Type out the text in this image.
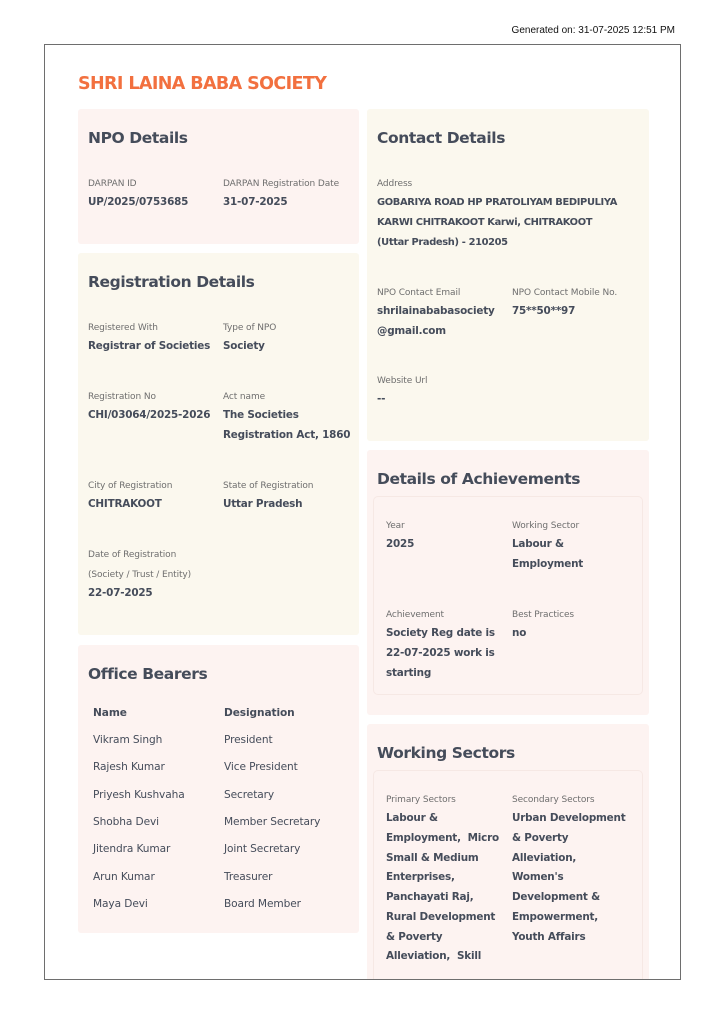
Generated on: 31-07-2025 12:51 PM
SHRI LAINA BABA SOCIETY
NPO Details
DARPAN ID
UP/2025/0753685
DARPAN Registration Date
31-07-2025
Registration Details
Registered With
Registrar of Societies
Type of NPO
Society
Registration No
CHI/03064/2025-2026
Act name
The Societies
Registration Act, 1860
City of Registration
CHITRAKOOT
State of Registration
Uttar Pradesh
Date of Registration
(Society / Trust / Entity)
22-07-2025
Office Bearers
Name	Designation
Vikram Singh	President
Rajesh Kumar	Vice President
Priyesh Kushvaha	Secretary
Shobha Devi	Member Secretary
Jitendra Kumar	Joint Secretary
Arun Kumar	Treasurer
Maya Devi	Board Member
Contact Details
Address
GOBARIYA ROAD HP PRATOLIYAM BEDIPULIYA
KARWI CHITRAKOOT Karwi, CHITRAKOOT
(Uttar Pradesh) - 210205
NPO Contact Email
shrilainababasociety
@gmail.com
NPO Contact Mobile No.
75**50**97
Website Url
--
Details of Achievements
Year
2025
Working Sector
Labour &
Employment
Achievement
Society Reg date is
22-07-2025 work is
starting
Best Practices
no
Working Sectors
Primary Sectors
Labour &
Employment,  Micro
Small & Medium
Enterprises,
Panchayati Raj,
Rural Development
& Poverty
Alleviation,  Skill
Secondary Sectors
Urban Development
& Poverty
Alleviation,
Women's
Development &
Empowerment,
Youth Affairs
